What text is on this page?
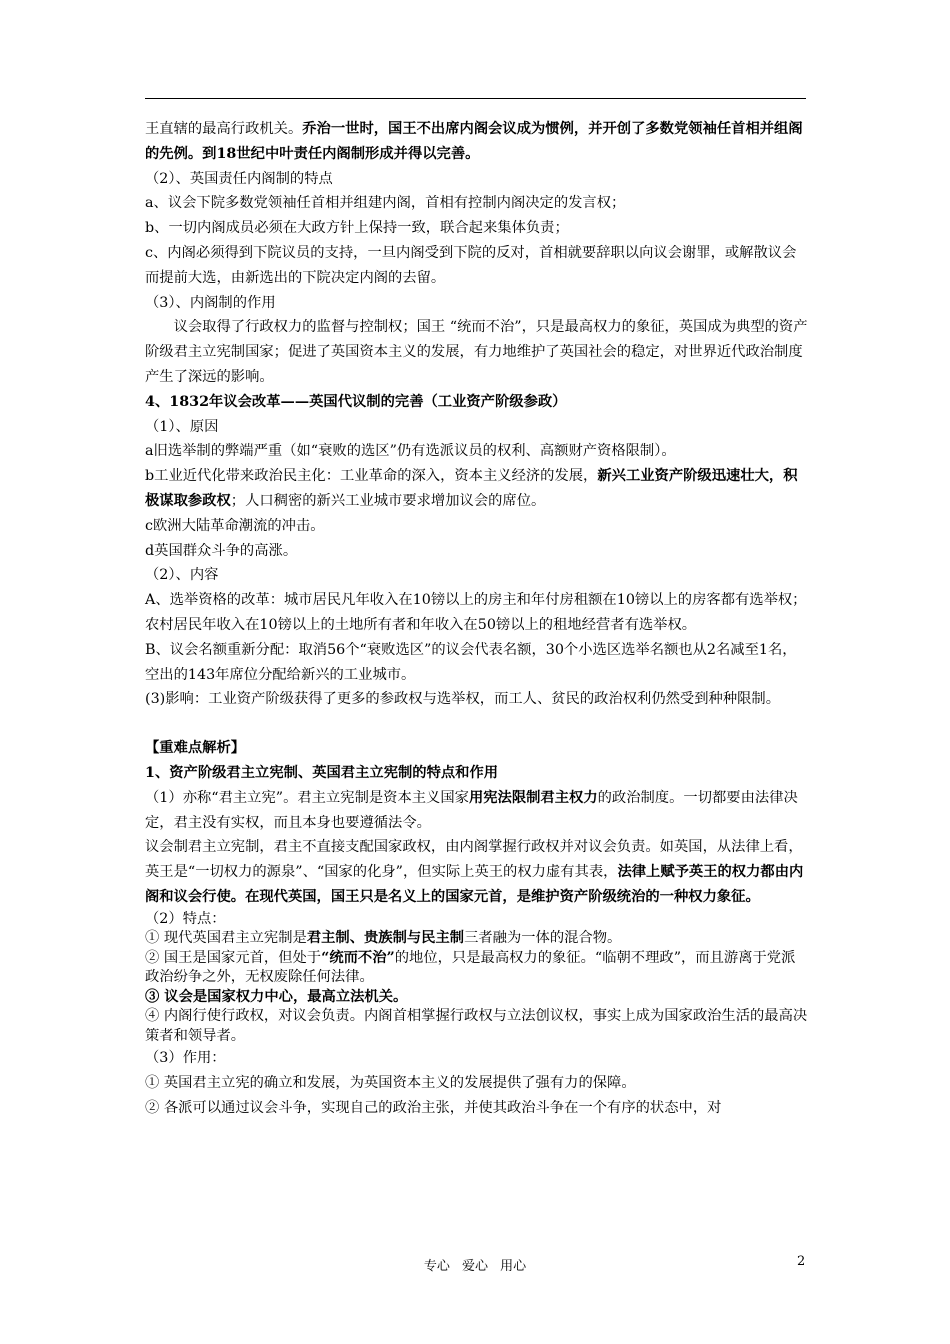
王直辖的最高行政机关。乔治一世时，国王不出席内阁会议成为惯例，并开创了多数党领袖任首相并组阁的先例。到18世纪中叶责任内阁制形成并得以完善。

（2）、英国责任内阁制的特点

a、议会下院多数党领袖任首相并组建内阁，首相有控制内阁决定的发言权；

b、一切内阁成员必须在大政方针上保持一致，联合起来集体负责；

c、内阁必须得到下院议员的支持，一旦内阁受到下院的反对，首相就要辞职以向议会谢罪，或解散议会而提前大选，由新选出的下院决定内阁的去留。

（3）、内阁制的作用

议会取得了行政权力的监督与控制权；国王 “统而不治”，只是最高权力的象征，英国成为典型的资产阶级君主立宪制国家；促进了英国资本主义的发展，有力地维护了英国社会的稳定，对世界近代政治制度产生了深远的影响。

4、1832年议会改革——英国代议制的完善（工业资产阶级参政）

（1）、原因

a旧选举制的弊端严重（如“衰败的选区”仍有选派议员的权利、高额财产资格限制）。

b工业近代化带来政治民主化：工业革命的深入，资本主义经济的发展，新兴工业资产阶级迅速壮大，积极谋取参政权；人口稠密的新兴工业城市要求增加议会的席位。

c欧洲大陆革命潮流的冲击。

d英国群众斗争的高涨。

（2）、内容

A、选举资格的改革：城市居民凡年收入在10镑以上的房主和年付房租额在10镑以上的房客都有选举权；农村居民年收入在10镑以上的土地所有者和年收入在50镑以上的租地经营者有选举权。

B、议会名额重新分配：取消56个“衰败选区”的议会代表名额，30个小选区选举名额也从2名减至1名，空出的143年席位分配给新兴的工业城市。

(3)影响：工业资产阶级获得了更多的参政权与选举权，而工人、贫民的政治权利仍然受到种种限制。

【重难点解析】

1、资产阶级君主立宪制、英国君主立宪制的特点和作用

（1）亦称“君主立宪”。君主立宪制是资本主义国家用宪法限制君主权力的政治制度。一切都要由法律决定，君主没有实权，而且本身也要遵循法令。

议会制君主立宪制，君主不直接支配国家政权，由内阁掌握行政权并对议会负责。如英国，从法律上看，英王是“一切权力的源泉”、“国家的化身”，但实际上英王的权力虚有其表，法律上赋予英王的权力都由内阁和议会行使。在现代英国，国王只是名义上的国家元首，是维护资产阶级统治的一种权力象征。

（2）特点：

① 现代英国君主立宪制是君主制、贵族制与民主制三者融为一体的混合物。

② 国王是国家元首，但处于“统而不治”的地位，只是最高权力的象征。“临朝不理政”，而且游离于党派政治纷争之外，无权废除任何法律。

③ 议会是国家权力中心，最高立法机关。

④ 内阁行使行政权，对议会负责。内阁首相掌握行政权与立法创议权，事实上成为国家政治生活的最高决策者和领导者。

（3）作用：

① 英国君主立宪的确立和发展，为英国资本主义的发展提供了强有力的保障。

② 各派可以通过议会斗争，实现自己的政治主张，并使其政治斗争在一个有序的状态中，对

专心 爱心 用心	2
